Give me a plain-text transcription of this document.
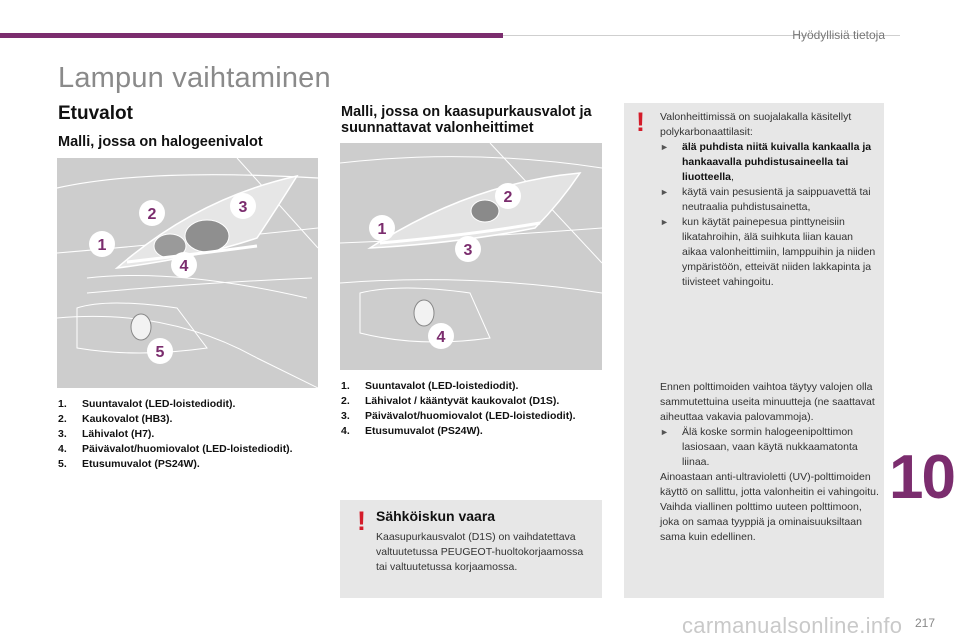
Hyödyllisiä tietoja
Lampun vaihtaminen
Etuvalot
Malli, jossa on halogeenivalot
Malli, jossa on kaasupurkausvalot ja suunnattavat valonheittimet
2	3
1
4
5
2
1
3
4
1.	Suuntavalot (LED-loistediodit).
2.	Kaukovalot (HB3).
3.	Lähivalot (H7).
4.	Päivävalot/huomiovalot (LED-loistediodit).
5.	Etusumuvalot (PS24W).
1.	Suuntavalot (LED-loistediodit).
2.	Lähivalot / kääntyvät kaukovalot (D1S).
3.	Päivävalot/huomiovalot (LED-loistediodit).
4.	Etusumuvalot (PS24W).
! Sähköiskun vaara
Kaasupurkausvalot (D1S) on vaihdatettava valtuutetussa PEUGEOT-huoltokorjaamossa tai valtuutetussa korjaamossa.
! Valonheittimissä on suojalakalla käsitellyt polykarbonaattilasit:
►	älä puhdista niitä kuivalla kankaalla ja hankaavalla puhdistusaineella tai liuotteella,
►	käytä vain pesusientä ja saippuavettä tai neutraalia puhdistusainetta,
►	kun käytät painepesua pinttyneisiin likatahroihin, älä suihkuta liian kauan aikaa valonheittimiin, lamppuihin ja niiden ympäristöön, etteivät niiden lakkapinta ja tiivisteet vahingoitu.
Ennen polttimoiden vaihtoa täytyy valojen olla sammutettuina useita minuutteja (ne saattavat aiheuttaa vakavia palovammoja).
►	Älä koske sormin halogeenipolttimon lasiosaan, vaan käytä nukkaamatonta liinaa.
Ainoastaan anti-ultravioletti (UV)-polttimoiden käyttö on sallittu, jotta valonheitin ei vahingoitu.
Vaihda viallinen polttimo uuteen polttimoon, joka on samaa tyyppiä ja ominaisuuksiltaan sama kuin edellinen.
10
carmanualsonline.info 217
